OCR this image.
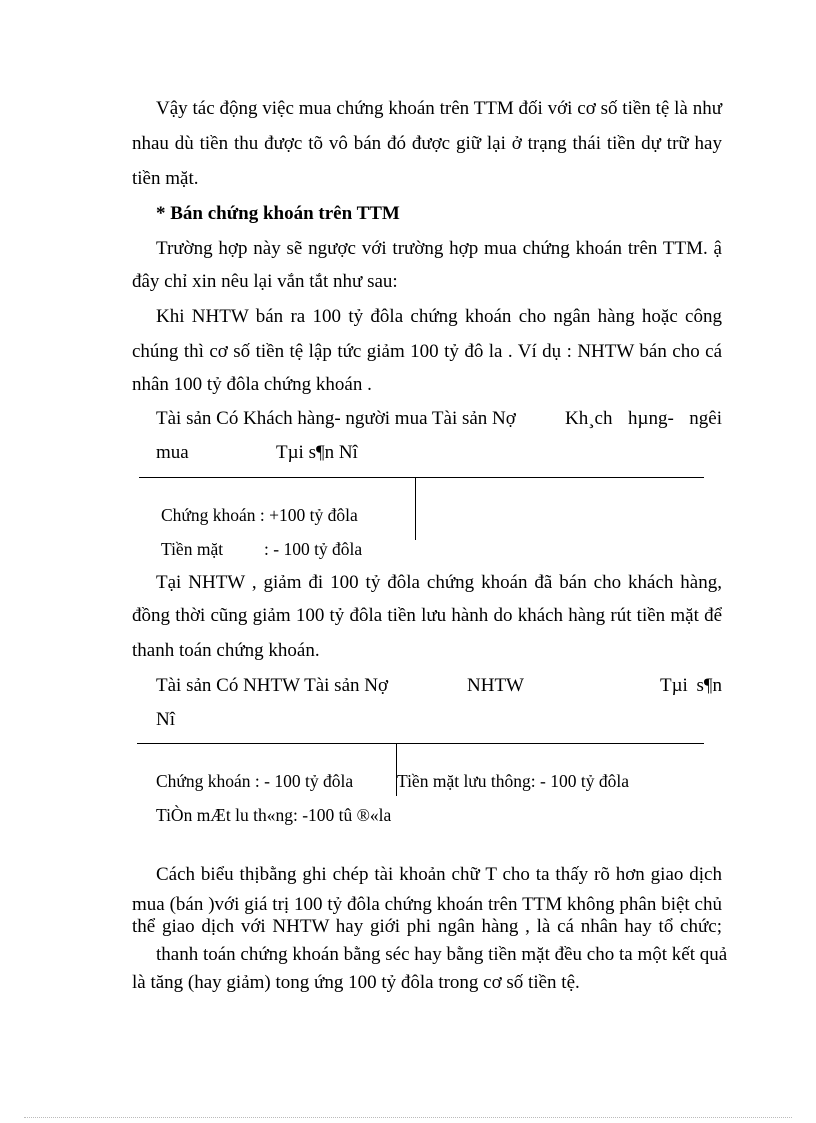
Vậy tác động việc mua chứng khoán trên TTM đối với cơ số tiền tệ là như
nhau dù tiền thu được tõ vô bán đó được giữ lại ở trạng thái tiền dự trữ hay
tiền mặt.
* Bán chứng khoán trên TTM
Trường hợp này sẽ ngược với trường hợp mua chứng khoán trên TTM. ậ
đây chỉ xin nêu lại vắn tắt như sau:
Khi NHTW bán ra 100 tỷ đôla chứng khoán cho ngân hàng hoặc công
chúng thì cơ số tiền tệ lập tức giảm 100 tỷ đô la . Ví dụ : NHTW bán cho cá
nhân 100 tỷ đôla chứng khoán .
Tài sản Có Khách hàng- người mua Tài sản Nợ	Kh¸ch hµng- ngêi
mua	Tµi s¶n Nî
Chứng khoán : +100 tỷ đôla
Tiền mặt : - 100 tỷ đôla
Tại NHTW , giảm đi 100 tỷ đôla chứng khoán đã bán cho khách hàng,
đồng thời cũng giảm 100 tỷ đôla tiền lưu hành do khách hàng rút tiền mặt để
thanh toán chứng khoán.
Tài sản Có NHTW Tài sản Nợ	NHTW	Tµi s¶n
Nî
Chứng khoán : - 100 tỷ đôla	Tiền mặt lưu thông: - 100 tỷ đôla
TiÒn mÆt lu th«ng: -100 tû ®«la
Cách biểu thịbằng ghi chép tài khoản chữ T cho ta thấy rõ hơn giao dịch
mua (bán )với giá trị 100 tỷ đôla chứng khoán trên TTM không phân biệt chủ
thể giao dịch với NHTW hay giới phi ngân hàng , là cá nhân hay tổ chức;
thanh toán chứng khoán bằng séc hay bằng tiền mặt đều cho ta một kết quả
là tăng (hay giảm) tong ứng 100 tỷ đôla trong cơ số tiền tệ.
